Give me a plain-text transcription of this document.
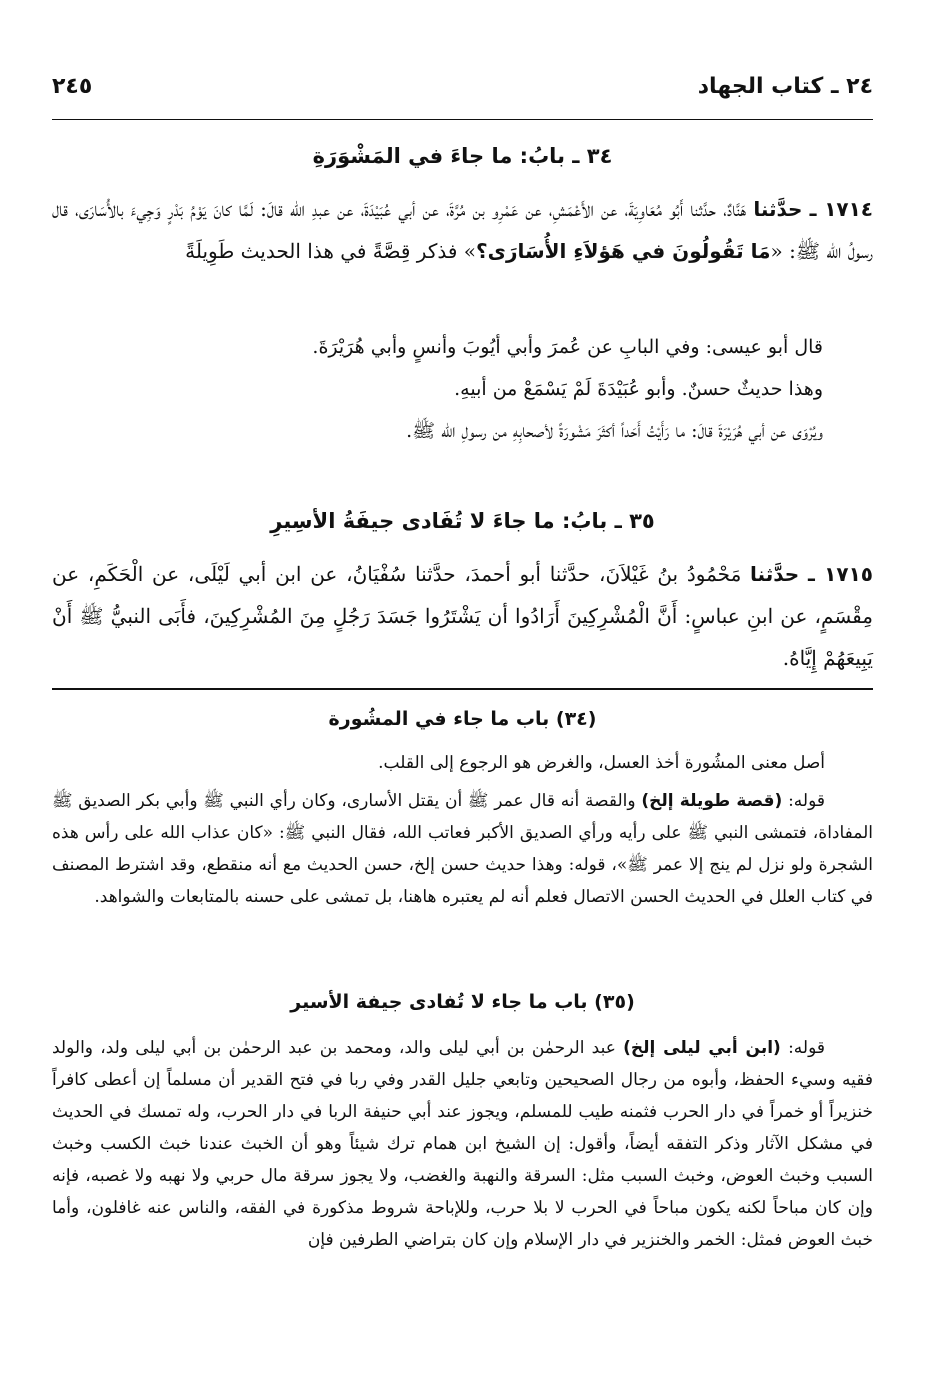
٢٤ ـ كتاب الجهاد
٢٤٥
٣٤ ـ بابُ: ما جاءَ في المَشْوَرَةِ

١٧١٤ ـ حدَّثنا هَنَّادٌ، حدَّثنا أَبُو مُعَاوِيَةَ، عن الأَعْمَشِ، عن عَمْرِو بن مُرَّةَ، عن أبي عُبَيْدَةَ، عن عبدِ الله قالَ: لَمَّا كانَ يَوْمُ بَدْرٍ وَجِيءَ بالأُسَارَى، قال رسولُ الله ﷺ: «مَا تَقُولُونَ في هَؤلاَءِ الأُسَارَى؟» فذكر قِصَّةً في هذا الحديث طَوِيلَةً

قال أبو عيسى: وفي البابِ عن عُمرَ وأبي أيُوبَ وأنسٍ وأبي هُرَيْرَةَ.

وهذا حديثٌ حسنٌ. وأبو عُبَيْدَةَ لَمْ يَسْمَعْ من أبيهِ.

ويُرْوَى عن أبي هُرَيْرَةَ قالَ: ما رَأَيْتُ أَحَداً أكثَرَ مَشْورَةً لأصحابِهِ من رسولِ الله ﷺ.

٣٥ ـ بابُ: ما جاءَ لا تُفَادى جيفَةُ الأسِيرِ

١٧١٥ ـ حدَّثنا مَحْمُودُ بنُ غَيْلاَنَ، حدَّثنا أبو أحمدَ، حدَّثنا سُفْيَانُ، عن ابن أبي لَيْلَى، عن الْحَكَمِ، عن مِقْسَمٍ، عن ابنِ عباسٍ: أَنَّ الْمُشْرِكِينَ أَرَادُوا أن يَشْتَرُوا جَسَدَ رَجُلٍ مِنَ المُشْرِكِينَ، فأَبَى النبيُّ ﷺ أَنْ يَبِيعَهُمْ إِيَّاهُ.

(٣٤) باب ما جاء في المشُورة

أصل معنى المشُورة أخذ العسل، والغرض هو الرجوع إلى القلب.

قوله: (قصة طويلة إلخ) والقصة أنه قال عمر ﷺ أن يقتل الأسارى، وكان رأي النبي ﷺ وأبي بكر الصديق ﷺ المفاداة، فتمشى النبي ﷺ على رأيه ورأي الصديق الأكبر فعاتب الله، فقال النبي ﷺ: «كان عذاب الله على رأس هذه الشجرة ولو نزل لم ينج إلا عمر ﷺ»، قوله: وهذا حديث حسن إلخ، حسن الحديث مع أنه منقطع، وقد اشترط المصنف في كتاب العلل في الحديث الحسن الاتصال فعلم أنه لم يعتبره هاهنا، بل تمشى على حسنه بالمتابعات والشواهد.

(٣٥) باب ما جاء لا تُفادى جيفة الأسير

قوله: (ابن أبي ليلى إلخ) عبد الرحمٰن بن أبي ليلى والد، ومحمد بن عبد الرحمٰن بن أبي ليلى ولد، والولد فقيه وسيء الحفظ، وأبوه من رجال الصحيحين وتابعي جليل القدر وفي ربا في فتح القدير أن مسلماً إن أعطى كافراً خنزيراً أو خمراً في دار الحرب فثمنه طيب للمسلم، ويجوز عند أبي حنيفة الربا في دار الحرب، وله تمسك في الحديث في مشكل الآثار وذكر التفقه أيضاً، وأقول: إن الشيخ ابن همام ترك شيئاً وهو أن الخبث عندنا خبث الكسب وخبث السبب وخبث العوض، وخبث السبب مثل: السرقة والنهبة والغضب، ولا يجوز سرقة مال حربي ولا نهبه ولا غصبه، فإنه وإن كان مباحاً لكنه يكون مباحاً في الحرب لا بلا حرب، وللإباحة شروط مذكورة في الفقه، والناس عنه غافلون، وأما خبث العوض فمثل: الخمر والخنزير في دار الإسلام وإن كان بتراضي الطرفين فإن
